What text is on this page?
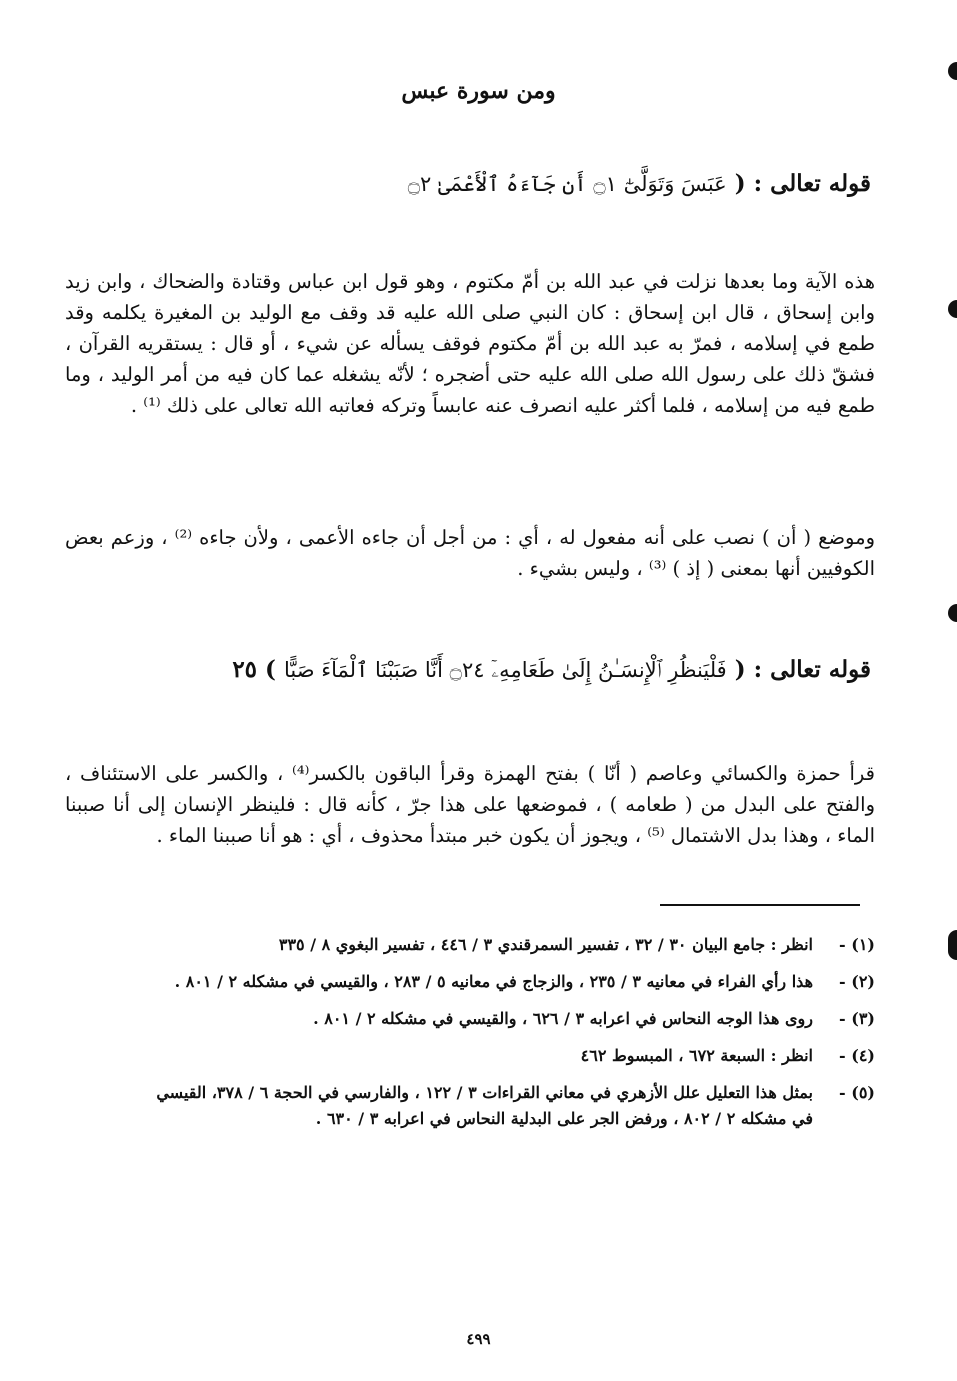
ومن سورة عبس
قوله تعالى : ( عَبَسَ وَتَوَلَّىٰٓ ۝١ أَن جَآءَهُ ٱلْأَعْمَىٰ ۝٢
هذه الآية وما بعدها نزلت في عبد الله بن أمّ مكتوم ، وهو قول ابن عباس وقتادة والضحاك ، وابن زيد وابن إسحاق ، قال ابن إسحاق : كان النبي صلى الله عليه قد وقف مع الوليد بن المغيرة يكلمه وقد طمع في إسلامه ، فمرّ به عبد الله بن أمّ مكتوم فوقف يسأله عن شيء ، أو قال : يستقريه القرآن ، فشقّ ذلك على رسول الله صلى الله عليه حتى أضجره ؛ لأنّه يشغله عما كان فيه من أمر الوليد ، وما طمع فيه من إسلامه ، فلما أكثر عليه انصرف عنه عابساً وتركه فعاتبه الله تعالى على ذلك ⁽¹⁾ .
وموضع ( أن ) نصب على أنه مفعول له ، أي : من أجل أن جاءه الأعمى ، ولأن جاءه ⁽²⁾ ، وزعم بعض الكوفيين أنها بمعنى ( إذ ) ⁽³⁾ ، وليس بشيء .
قوله تعالى : ( فَلْيَنظُرِ ٱلْإِنسَـٰنُ إِلَىٰ طَعَامِهِۦٓ ۝٢٤ أَنَّا صَبَبْنَا ٱلْمَآءَ صَبًّا ) ٢٥
قرأ حمزة والكسائي وعاصم ( أنّا ) بفتح الهمزة وقرأ الباقون بالكسر⁽⁴⁾ ، والكسر على الاستئناف ، والفتح على البدل من ( طعامه ) ، فموضعها على هذا جرّ ، كأنه قال : فلينظر الإنسان إلى أنا صببنا الماء ، وهذا بدل الاشتمال ⁽⁵⁾ ، ويجوز أن يكون خبر مبتدأ محذوف ، أي : هو أنا صببنا الماء .
(١) -
انظر : جامع البيان ٣٠ / ٣٢ ، تفسير السمرقندي ٣ / ٤٤٦ ، تفسير البغوي ٨ / ٣٣٥
(٢) -
هذا رأي الفراء في معانيه ٣ / ٢٣٥ ، والزجاج في معانيه ٥ / ٢٨٣ ، والقيسي في مشكله ٢ / ٨٠١ .
(٣) -
روى هذا الوجه النحاس في اعرابه ٣ / ٦٢٦ ، والقيسي في مشكله ٢ / ٨٠١ .
(٤) -
انظر : السبعة ٦٧٢ ، المبسوط ٤٦٢
(٥) -
بمثل هذا التعليل علل الأزهري في معاني القراءات ٣ / ١٢٢ ، والفارسي في الحجة ٦ / ٣٧٨، القيسي في مشكله ٢ / ٨٠٢ ، ورفض الجر على البدلية النحاس في اعرابه ٣ / ٦٣٠ .
٤٩٩
